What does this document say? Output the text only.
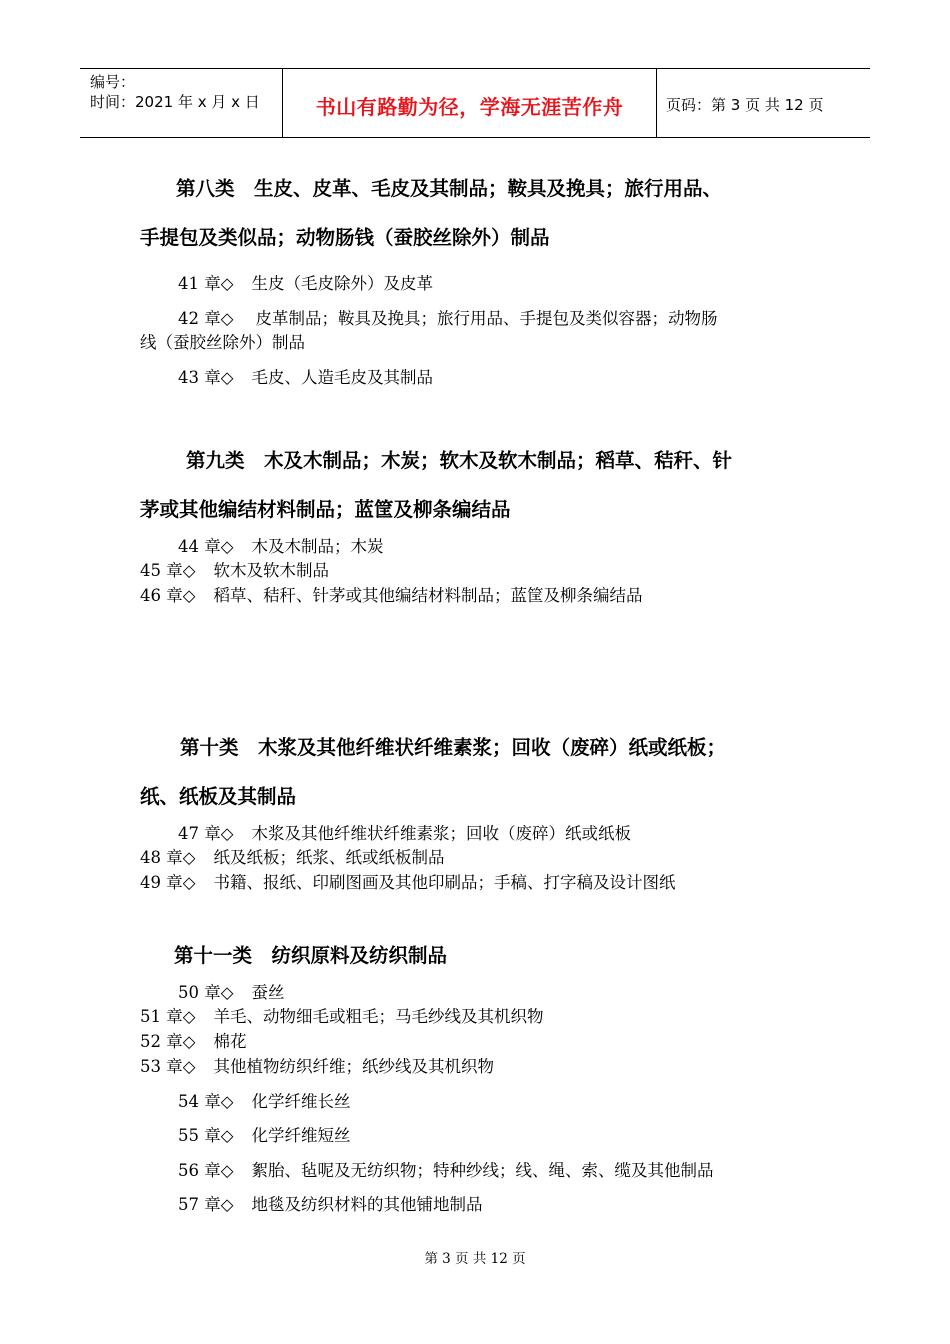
编号：
时间：2021 年 x 月 x 日	书山有路勤为径，学海无涯苦作舟	页码：第 3 页 共 12 页
第八类　生皮、皮革、毛皮及其制品；鞍具及挽具；旅行用品、
手提包及类似品；动物肠钱（蚕胶丝除外）制品
41 章◇ 生皮（毛皮除外）及皮革
42 章◇ 皮革制品；鞍具及挽具；旅行用品、手提包及类似容器；动物肠
线（蚕胶丝除外）制品
43 章◇ 毛皮、人造毛皮及其制品
第九类　木及木制品；木炭；软木及软木制品；稻草、秸秆、针
茅或其他编结材料制品；蓝筐及柳条编结品
44 章◇ 木及木制品；木炭
45 章◇ 软木及软木制品
46 章◇ 稻草、秸秆、针茅或其他编结材料制品；蓝筐及柳条编结品
第十类　木浆及其他纤维状纤维素浆；回收（废碎）纸或纸板；
纸、纸板及其制品
47 章◇ 木浆及其他纤维状纤维素浆；回收（废碎）纸或纸板
48 章◇ 纸及纸板；纸浆、纸或纸板制品
49 章◇ 书籍、报纸、印刷图画及其他印刷品；手稿、打字稿及设计图纸
第十一类　纺织原料及纺织制品
50 章◇ 蚕丝
51 章◇ 羊毛、动物细毛或粗毛；马毛纱线及其机织物
52 章◇ 棉花
53 章◇ 其他植物纺织纤维；纸纱线及其机织物
54 章◇ 化学纤维长丝
55 章◇ 化学纤维短丝
56 章◇ 絮胎、毡呢及无纺织物；特种纱线；线、绳、索、缆及其他制品
57 章◇ 地毯及纺织材料的其他铺地制品
第 3 页 共 12 页
